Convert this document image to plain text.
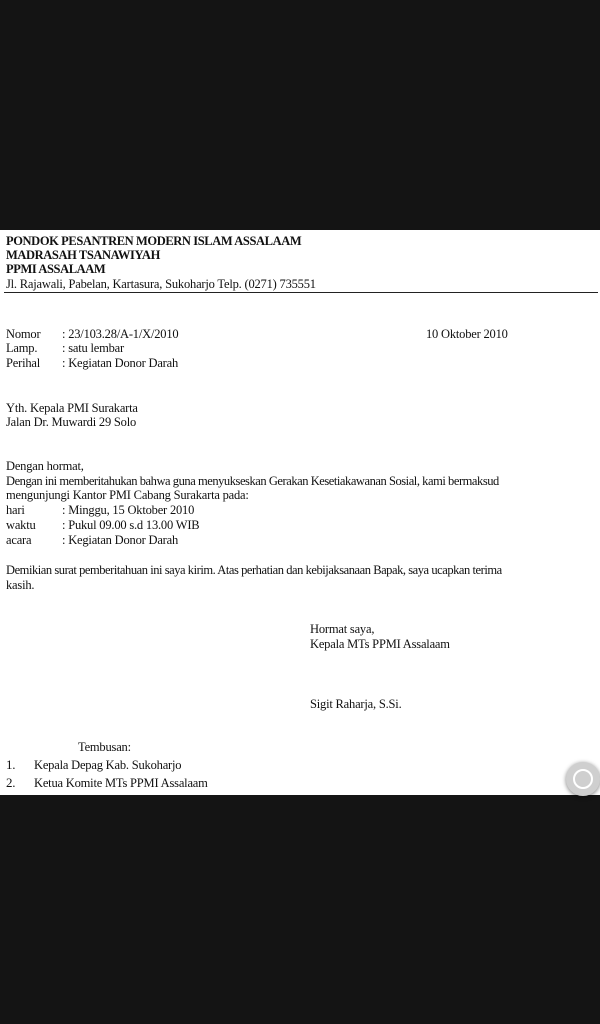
PONDOK PESANTREN MODERN ISLAM ASSALAAM
MADRASAH TSANAWIYAH
PPMI ASSALAAM
Jl. Rajawali, Pabelan, Kartasura, Sukoharjo Telp. (0271) 735551
Nomor : 23/103.28/A-1/X/2010	10 Oktober 2010
Lamp. : satu lembar
Perihal : Kegiatan Donor Darah
Yth. Kepala PMI Surakarta
Jalan Dr. Muwardi 29 Solo
Dengan hormat,
Dengan ini memberitahukan bahwa guna menyukseskan Gerakan Kesetiakawanan Sosial, kami bermaksud
mengunjungi Kantor PMI Cabang Surakarta pada:
hari	: Minggu, 15 Oktober 2010
waktu : Pukul 09.00 s.d 13.00 WIB
acara : Kegiatan Donor Darah
Demikian surat pemberitahuan ini saya kirim. Atas perhatian dan kebijaksanaan Bapak, saya ucapkan terima
kasih.
Hormat saya,
Kepala MTs PPMI Assalaam
Sigit Raharja, S.Si.
Tembusan:
1. Kepala Depag Kab. Sukoharjo
2. Ketua Komite MTs PPMI Assalaam
